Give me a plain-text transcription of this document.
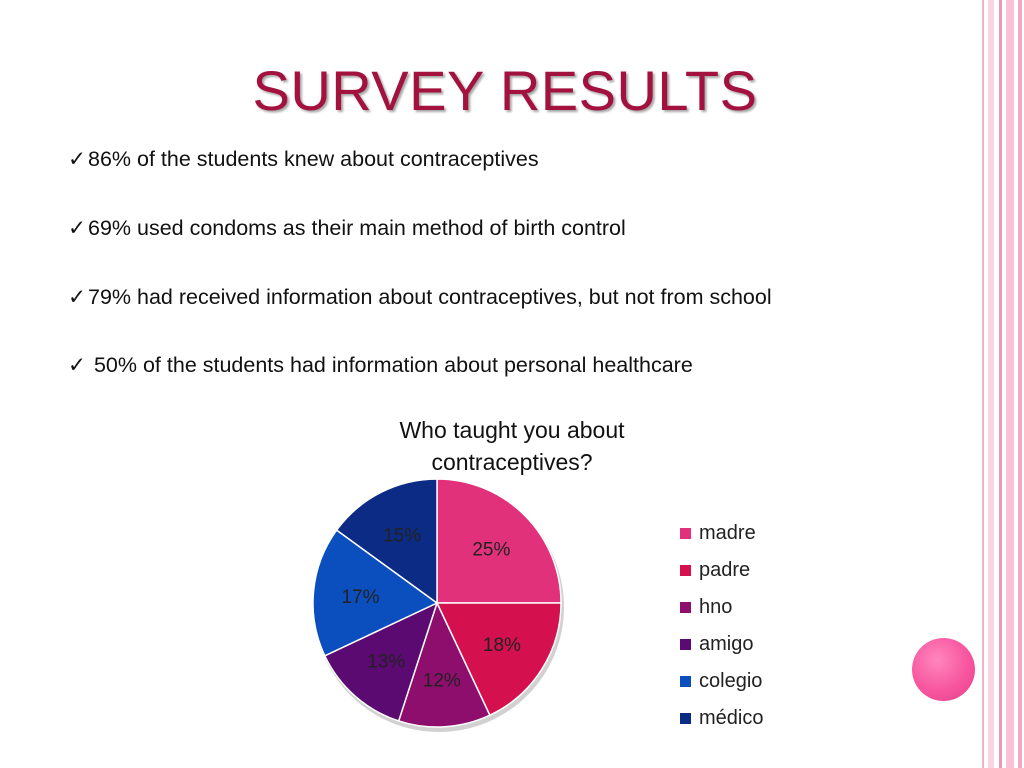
SURVEY RESULTS
✓86% of the students knew about contraceptives
✓69% used condoms as their main method of birth control
✓79% had received information about contraceptives, but not from school
✓ 50% of the students had information about personal healthcare
Who taught you about
contraceptives?
25%
18%
12%
13%
17%
15%	madre
padre
hno
amigo
colegio
médico
